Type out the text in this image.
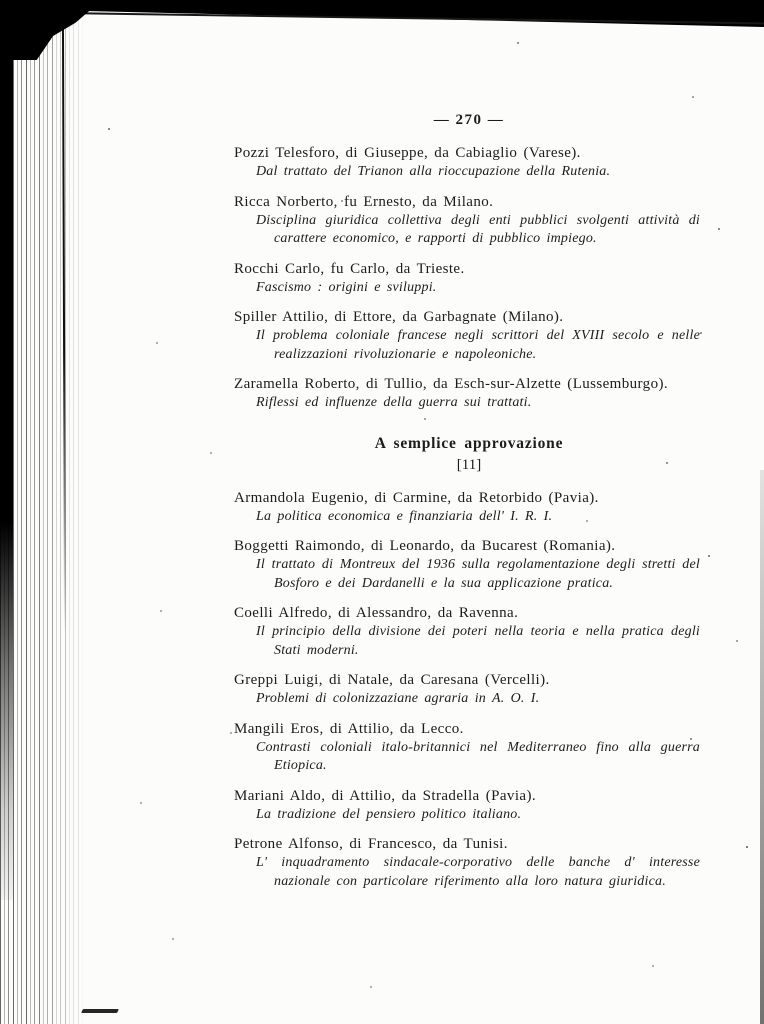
— 270 —
Pozzi Telesforo, di Giuseppe, da Cabiaglio (Varese).
Dal trattato del Trianon alla rioccupazione della Rutenia.
Ricca Norberto, fu Ernesto, da Milano.
Disciplina giuridica collettiva degli enti pubblici svolgenti attività di carattere economico, e rapporti di pubblico impiego.
Rocchi Carlo, fu Carlo, da Trieste.
Fascismo : origini e sviluppi.
Spiller Attilio, di Ettore, da Garbagnate (Milano).
Il problema coloniale francese negli scrittori del XVIII secolo e nelle realizzazioni rivoluzionarie e napoleoniche.
Zaramella Roberto, di Tullio, da Esch-sur-Alzette (Lussemburgo).
Riflessi ed influenze della guerra sui trattati.
A semplice approvazione
[11]
Armandola Eugenio, di Carmine, da Retorbido (Pavia).
La politica economica e finanziaria dell' I. R. I.
Boggetti Raimondo, di Leonardo, da Bucarest (Romania).
Il trattato di Montreux del 1936 sulla regolamentazione degli stretti del Bosforo e dei Dardanelli e la sua applicazione pratica.
Coelli Alfredo, di Alessandro, da Ravenna.
Il principio della divisione dei poteri nella teoria e nella pratica degli Stati moderni.
Greppi Luigi, di Natale, da Caresana (Vercelli).
Problemi di colonizzaziane agraria in A. O. I.
Mangili Eros, di Attilio, da Lecco.
Contrasti coloniali italo-britannici nel Mediterraneo fino alla guerra Etiopica.
Mariani Aldo, di Attilio, da Stradella (Pavia).
La tradizione del pensiero politico italiano.
Petrone Alfonso, di Francesco, da Tunisi.
L' inquadramento sindacale-corporativo delle banche d' interesse nazionale con particolare riferimento alla loro natura giuridica.
